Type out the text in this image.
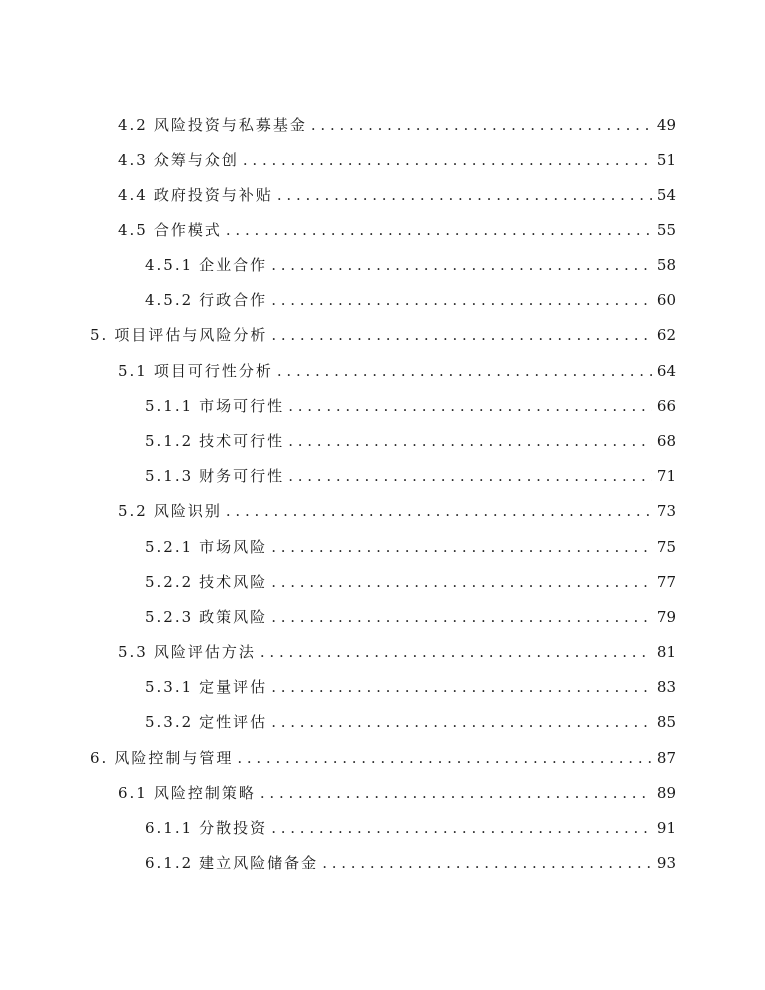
4.2 风险投资与私募基金 . . .	49
4.3 众筹与众创 . . .	51
4.4 政府投资与补贴 . . .	54
4.5 合作模式 . . .	55
4.5.1 企业合作 . . .	58
4.5.2 行政合作 . . .	60
5. 项目评估与风险分析 . . .	62
5.1 项目可行性分析 . . .	64
5.1.1 市场可行性 . . .	66
5.1.2 技术可行性 . . .	68
5.1.3 财务可行性 . . .	71
5.2 风险识别 . . .	73
5.2.1 市场风险 . . .	75
5.2.2 技术风险 . . .	77
5.2.3 政策风险 . . .	79
5.3 风险评估方法 . . .	81
5.3.1 定量评估 . . .	83
5.3.2 定性评估 . . .	85
6. 风险控制与管理 . . .	87
6.1 风险控制策略 . . .	89
6.1.1 分散投资 . . .	91
6.1.2 建立风险储备金 . . .	93
